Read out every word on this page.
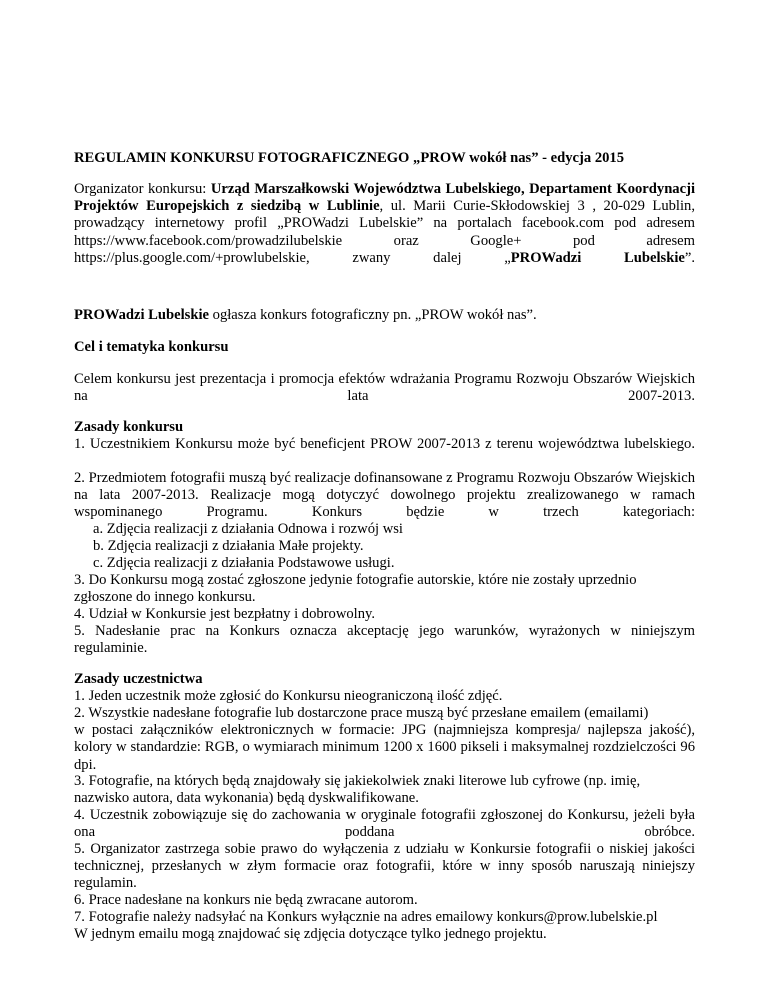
REGULAMIN KONKURSU FOTOGRAFICZNEGO „PROW wokół nas” - edycja 2015

Organizator konkursu: Urząd Marszałkowski Województwa Lubelskiego, Departament Koordynacji Projektów Europejskich z siedzibą w Lublinie, ul. Marii Curie-Skłodowskiej 3 , 20-029 Lublin, prowadzący internetowy profil „PROWadzi Lubelskie” na portalach facebook.com pod adresem https://www.facebook.com/prowadzilubelskie oraz Google+ pod adresem https://plus.google.com/+prowlubelskie, zwany dalej „PROWadzi Lubelskie”.

PROWadzi Lubelskie ogłasza konkurs fotograficzny pn. „PROW wokół nas”.

Cel i tematyka konkursu

Celem konkursu jest prezentacja i promocja efektów wdrażania Programu Rozwoju Obszarów Wiejskich na lata 2007-2013.

Zasady konkursu

1. Uczestnikiem Konkursu może być beneficjent PROW 2007-2013 z terenu województwa lubelskiego.

2. Przedmiotem fotografii muszą być realizacje dofinansowane z Programu Rozwoju Obszarów Wiejskich na lata 2007-2013. Realizacje mogą dotyczyć dowolnego projektu zrealizowanego w ramach wspominanego Programu. Konkurs będzie w trzech kategoriach:

a. Zdjęcia realizacji z działania Odnowa i rozwój wsi

b. Zdjęcia realizacji z działania Małe projekty.

c. Zdjęcia realizacji z działania Podstawowe usługi.

3. Do Konkursu mogą zostać zgłoszone jedynie fotografie autorskie, które nie zostały uprzednio
zgłoszone do innego konkursu.

4. Udział w Konkursie jest bezpłatny i dobrowolny.

5. Nadesłanie prac na Konkurs oznacza akceptację jego warunków, wyrażonych w niniejszym regulaminie.

Zasady uczestnictwa

1. Jeden uczestnik może zgłosić do Konkursu nieograniczoną ilość zdjęć.

2. Wszystkie nadesłane fotografie lub dostarczone prace muszą być przesłane emailem (emailami)
w postaci załączników elektronicznych w formacie: JPG (najmniejsza kompresja/ najlepsza jakość), kolory w standardzie: RGB, o wymiarach minimum 1200 x 1600 pikseli i maksymalnej rozdzielczości 96 dpi.

3. Fotografie, na których będą znajdowały się jakiekolwiek znaki literowe lub cyfrowe (np. imię,
nazwisko autora, data wykonania) będą dyskwalifikowane.

4. Uczestnik zobowiązuje się do zachowania w oryginale fotografii zgłoszonej do Konkursu, jeżeli była ona poddana obróbce.

5. Organizator zastrzega sobie prawo do wyłączenia z udziału w Konkursie fotografii o niskiej jakości technicznej, przesłanych w złym formacie oraz fotografii, które w inny sposób naruszają niniejszy regulamin.

6. Prace nadesłane na konkurs nie będą zwracane autorom.

7. Fotografie należy nadsyłać na Konkurs wyłącznie na adres emailowy konkurs@prow.lubelskie.pl
W jednym emailu mogą znajdować się zdjęcia dotyczące tylko jednego projektu.
